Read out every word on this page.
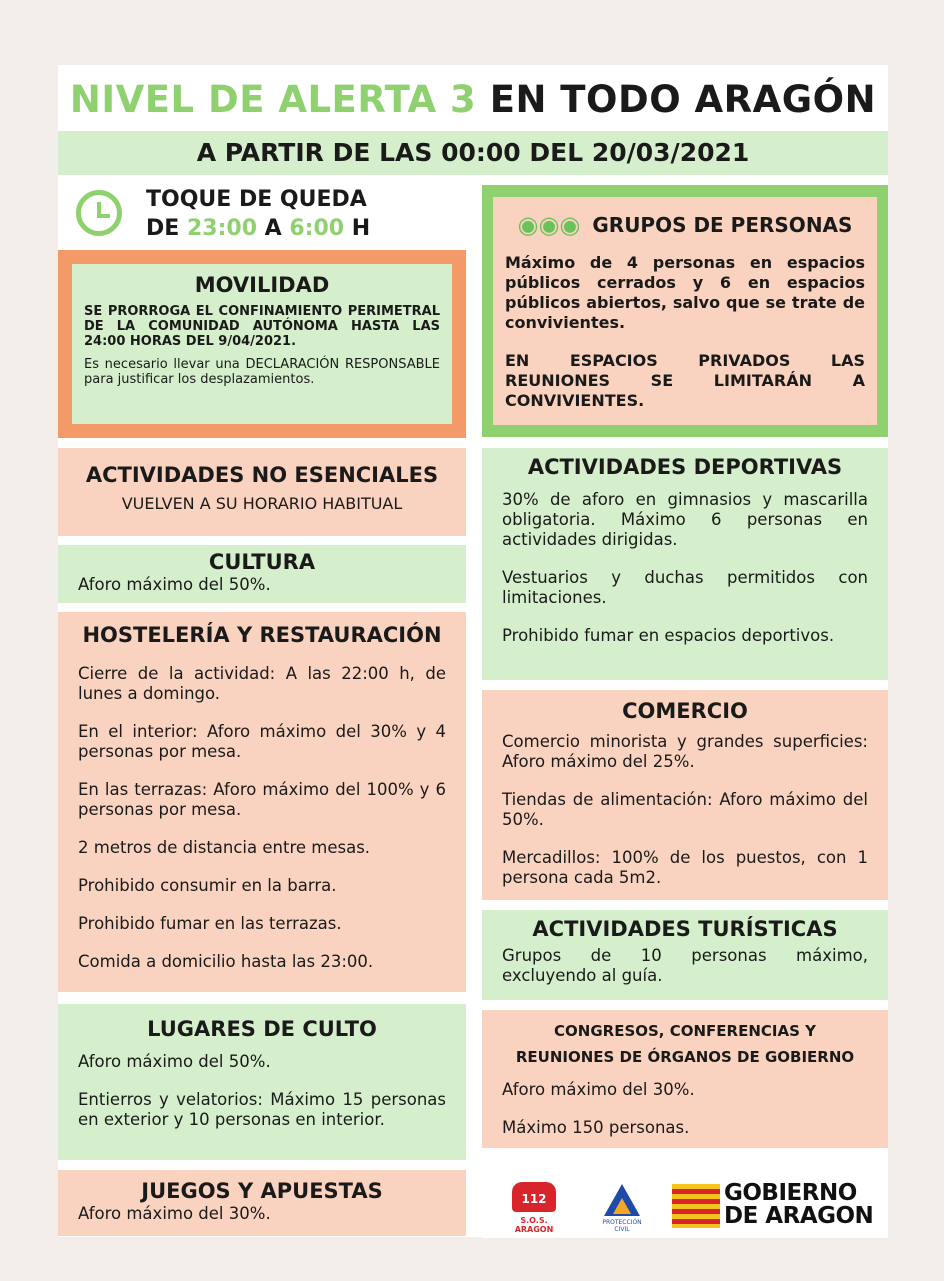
NIVEL DE ALERTA 3 EN TODO ARAGÓN
A PARTIR DE LAS 00:00 DEL 20/03/2021
TOQUE DE QUEDA
DE 23:00 A 6:00 H
MOVILIDAD
SE PRORROGA EL CONFINAMIENTO PERIMETRAL DE LA COMUNIDAD AUTÓNOMA HASTA LAS 24:00 HORAS DEL 9/04/2021.
Es necesario llevar una DECLARACIÓN RESPONSABLE para justificar los desplazamientos.
◉◉◉ GRUPOS DE PERSONAS
Máximo de 4 personas en espacios públicos cerrados y 6 en espacios públicos abiertos, salvo que se trate de convivientes.
EN ESPACIOS PRIVADOS LAS REUNIONES SE LIMITARÁN A CONVIVIENTES.
ACTIVIDADES NO ESENCIALES
VUELVEN A SU HORARIO HABITUAL
CULTURA
Aforo máximo del 50%.
HOSTELERÍA Y RESTAURACIÓN

Cierre de la actividad: A las 22:00 h, de lunes a domingo.

En el interior: Aforo máximo del 30% y 4 personas por mesa.

En las terrazas: Aforo máximo del 100% y 6 personas por mesa.

2 metros de distancia entre mesas.

Prohibido consumir en la barra.

Prohibido fumar en las terrazas.

Comida a domicilio hasta las 23:00.

LUGARES DE CULTO

Aforo máximo del 50%.

Entierros y velatorios: Máximo 15 personas en exterior y 10 personas en interior.

JUEGOS Y APUESTAS
Aforo máximo del 30%.
ACTIVIDADES DEPORTIVAS

30% de aforo en gimnasios y mascarilla obligatoria. Máximo 6 personas en actividades dirigidas.

Vestuarios y duchas permitidos con limitaciones.

Prohibido fumar en espacios deportivos.

COMERCIO

Comercio minorista y grandes superficies: Aforo máximo del 25%.

Tiendas de alimentación: Aforo máximo del 50%.

Mercadillos: 100% de los puestos, con 1 persona cada 5m2.

ACTIVIDADES TURÍSTICAS
Grupos de 10 personas máximo, excluyendo al guía.
CONGRESOS, CONFERENCIAS Y
REUNIONES DE ÓRGANOS DE GOBIERNO

Aforo máximo del 30%.

Máximo 150 personas.

112
S.O.S. ARAGON
PROTECCIÓN CIVIL
GOBIERNO
DE ARAGON
